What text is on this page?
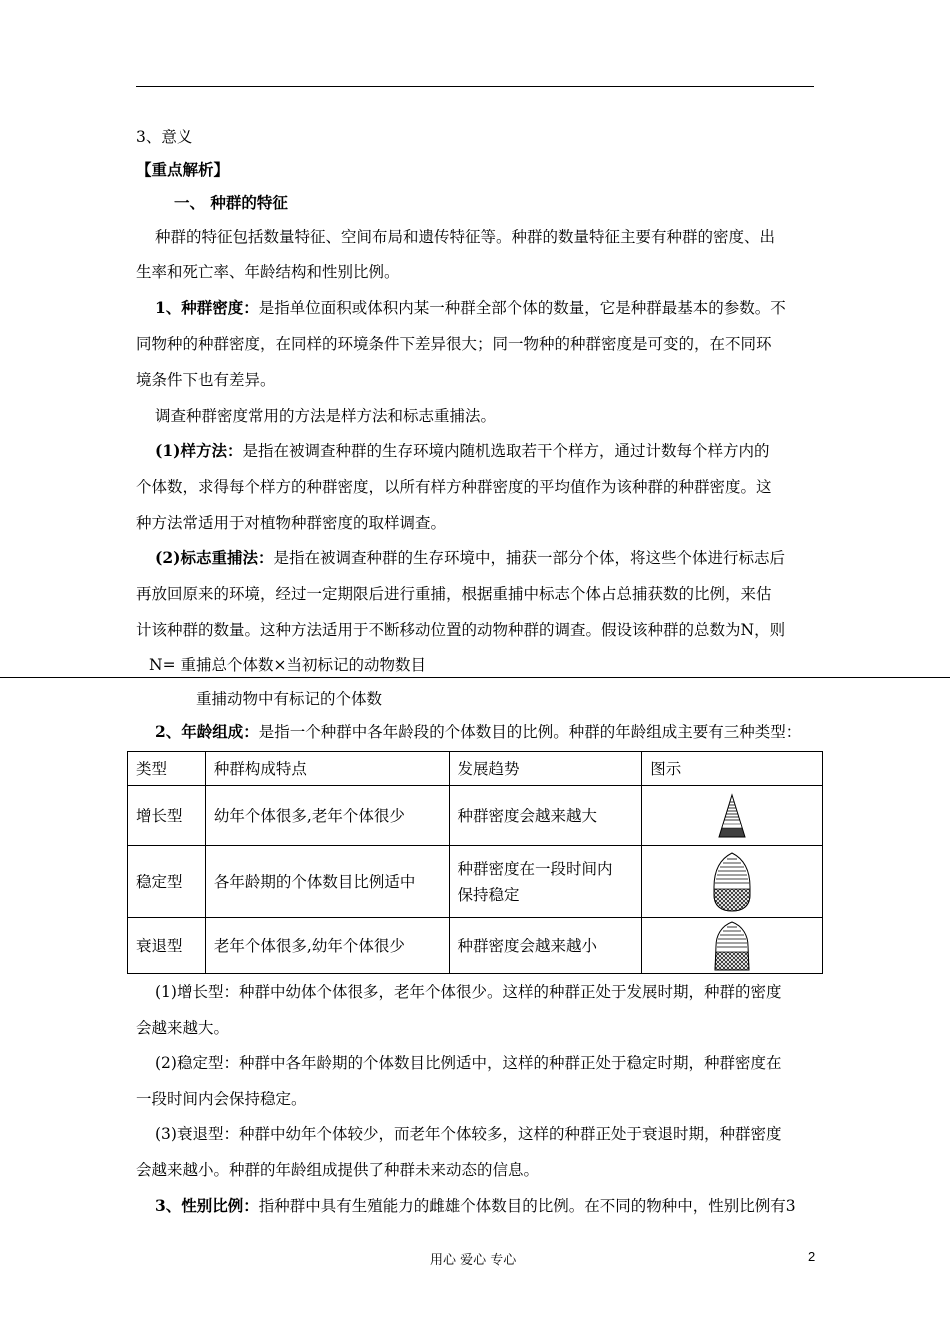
3、意义
【重点解析】
一、 种群的特征
种群的特征包括数量特征、空间布局和遗传特征等。种群的数量特征主要有种群的密度、出
生率和死亡率、年龄结构和性别比例。
1、种群密度：是指单位面积或体积内某一种群全部个体的数量，它是种群最基本的参数。不
同物种的种群密度，在同样的环境条件下差异很大；同一物种的种群密度是可变的，在不同环
境条件下也有差异。
调查种群密度常用的方法是样方法和标志重捕法。
(1)样方法：是指在被调查种群的生存环境内随机选取若干个样方，通过计数每个样方内的
个体数，求得每个样方的种群密度，以所有样方种群密度的平均值作为该种群的种群密度。这
种方法常适用于对植物种群密度的取样调查。
(2)标志重捕法：是指在被调查种群的生存环境中，捕获一部分个体，将这些个体进行标志后
再放回原来的环境，经过一定期限后进行重捕，根据重捕中标志个体占总捕获数的比例，来估
计该种群的数量。这种方法适用于不断移动位置的动物种群的调查。假设该种群的总数为N，则
N= 重捕总个体数×当初标记的动物数目
重捕动物中有标记的个体数
2、年龄组成：是指一个种群中各年龄段的个体数目的比例。种群的年龄组成主要有三种类型：
类型	种群构成特点	发展趋势	图示
增长型	幼年个体很多,老年个体很少	种群密度会越来越大	

稳定型	各年龄期的个体数目比例适中	种群密度在一段时间内
保持稳定

衰退型	老年个体很多,幼年个体很少	种群密度会越来越小	
(1)增长型：种群中幼体个体很多，老年个体很少。这样的种群正处于发展时期，种群的密度
会越来越大。
(2)稳定型：种群中各年龄期的个体数目比例适中，这样的种群正处于稳定时期，种群密度在
一段时间内会保持稳定。
(3)衰退型：种群中幼年个体较少，而老年个体较多，这样的种群正处于衰退时期，种群密度
会越来越小。种群的年龄组成提供了种群未来动态的信息。
3、性别比例：指种群中具有生殖能力的雌雄个体数目的比例。在不同的物种中，性别比例有3
用心 爱心 专心	2
